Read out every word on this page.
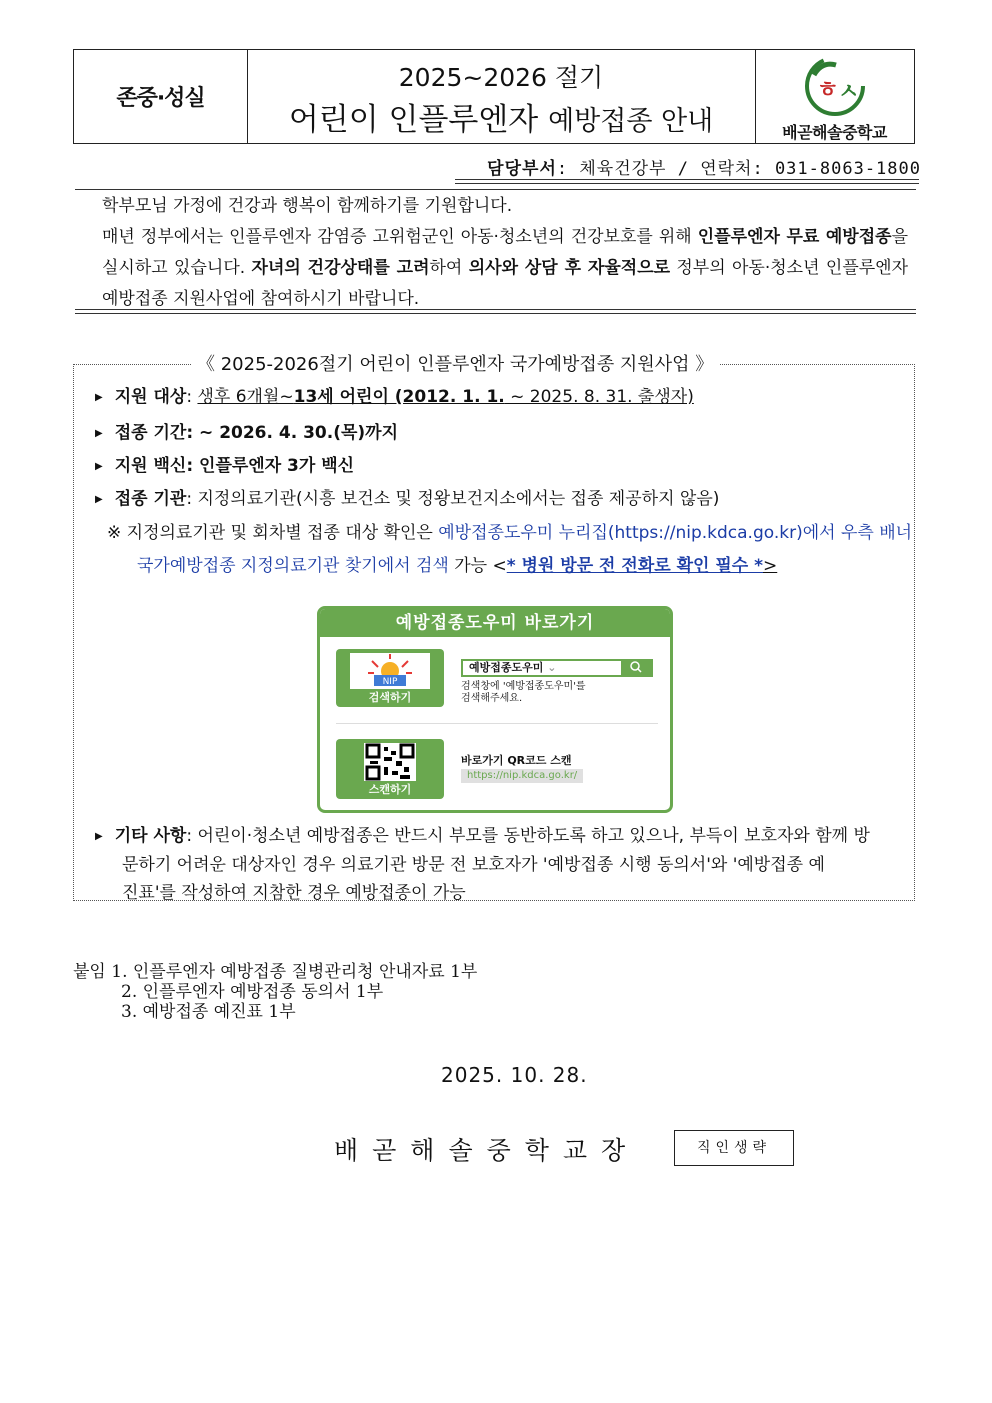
존중·성실
2025~2026 절기
어린이 인플루엔자 예방접종 안내
ㅎ ㅅ
배곧해솔중학교
담당부서: 체육건강부 / 연락처: 031-8063-1800

학부모님 가정에 건강과 행복이 함께하기를 기원합니다.

매년 정부에서는 인플루엔자 감염증 고위험군인 아동·청소년의 건강보호를 위해 인플루엔자 무료 예방접종을 실시하고 있습니다. 자녀의 건강상태를 고려하여 의사와 상담 후 자율적으로 정부의 아동·청소년 인플루엔자 예방접종 지원사업에 참여하시기 바랍니다.

《 2025-2026절기 어린이 인플루엔자 국가예방접종 지원사업 》
▶ 지원 대상: 생후 6개월~13세 어린이 (2012. 1. 1. ~ 2025. 8. 31. 출생자)
▶ 접종 기간: ~ 2026. 4. 30.(목)까지
▶ 지원 백신: 인플루엔자 3가 백신
▶ 접종 기관: 지정의료기관(시흥 보건소 및 정왕보건지소에서는 접종 제공하지 않음)
※ 지정의료기관 및 회차별 접종 대상 확인은 예방접종도우미 누리집(https://nip.kdca.go.kr)에서 우측 배너
국가예방접종 지정의료기관 찾기에서 검색 가능 <* 병원 방문 전 전화로 확인 필수 *>
예방접종도우미 바로가기
NIP
검색하기
예방접종도우미 ⌄
검색창에 '예방접종도우미'를
검색해주세요.
스캔하기
바로가기 QR코드 스캔
https://nip.kdca.go.kr/
▶ 기타 사항: 어린이·청소년 예방접종은 반드시 부모를 동반하도록 하고 있으나, 부득이 보호자와 함께 방
문하기 어려운 대상자인 경우 의료기관 방문 전 보호자가 '예방접종 시행 동의서'와 '예방접종 예
진표'를 작성하여 지참한 경우 예방접종이 가능
붙임 1. 인플루엔자 예방접종 질병관리청 안내자료 1부
2. 인플루엔자 예방접종 동의서 1부
3. 예방접종 예진표 1부
2025. 10. 28.
배곧해솔중학교장	직인생략
